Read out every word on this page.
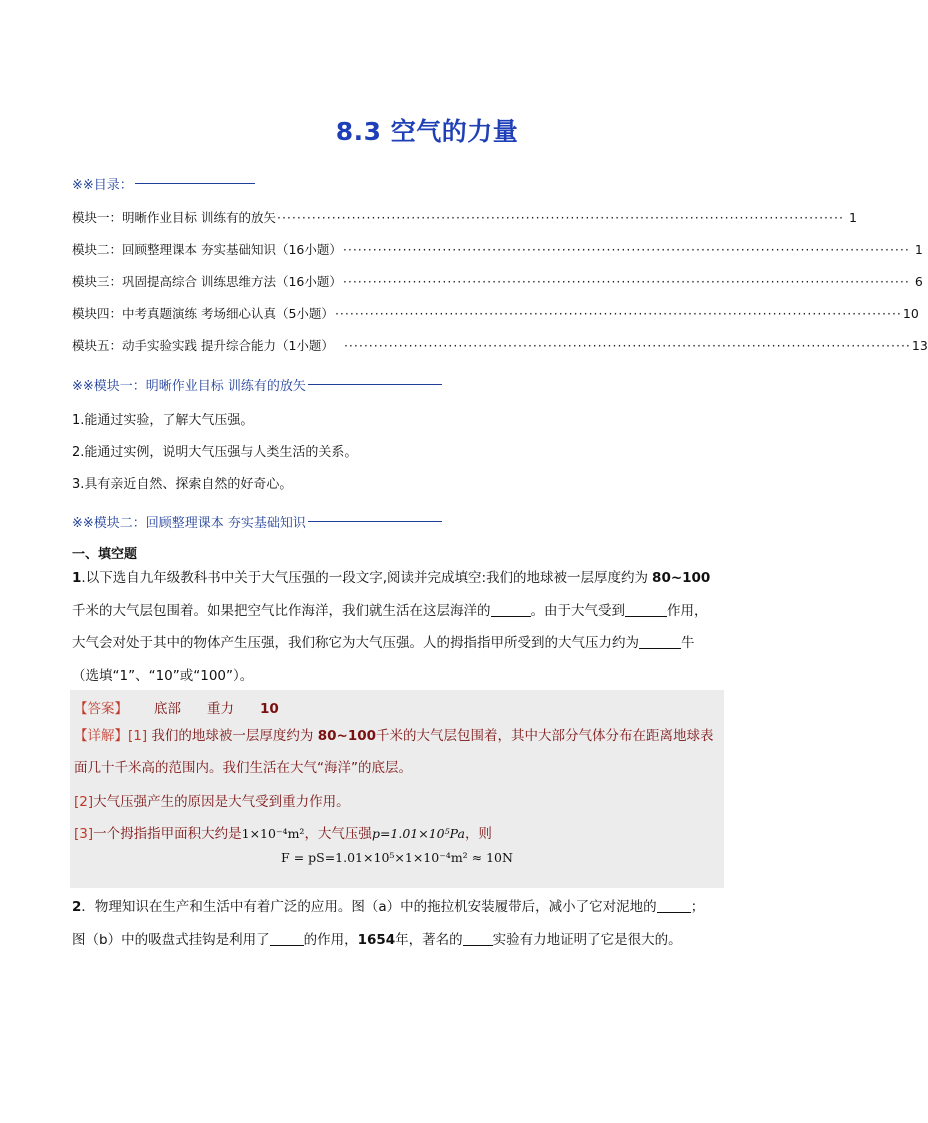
8.3 空气的力量
※※目录：
模块一：明晰作业目标 训练有的放矢 ·················································································································· 1
模块二：回顾整理课本 夯实基础知识（16小题） ·················································································································· 1
模块三：巩固提高综合 训练思维方法（16小题） ·················································································································· 6
模块四：中考真题演练 考场细心认真（5小题） ·················································································································· 10
模块五：动手实验实践 提升综合能力（1小题） ·················································································································· 13
※※模块一：明晰作业目标 训练有的放矢
1.能通过实验，了解大气压强。
2.能通过实例，说明大气压强与人类生活的关系。
3.具有亲近自然、探索自然的好奇心。
※※模块二：回顾整理课本 夯实基础知识
一、填空题
1.以下选自九年级教科书中关于大气压强的一段文字,阅读并完成填空:我们的地球被一层厚度约为 80~100
千米的大气层包围着。如果把空气比作海洋，我们就生活在这层海洋的	。由于大气受到	作用，
大气会对处于其中的物体产生压强，我们称它为大气压强。人的拇指指甲所受到的大气压力约为	牛
（选填“1”、“10”或“100”）。
【答案】 底部 重力 10
【详解】[1] 我们的地球被一层厚度约为 80~100千米的大气层包围着，其中大部分气体分布在距离地球表面几十千米高的范围内。我们生活在大气“海洋”的底层。
[2]大气压强产生的原因是大气受到重力作用。
[3]一个拇指指甲面积大约是1×10⁻⁴m²，大气压强p=1.01×10⁵Pa，则
F = pS=1.01×10⁵×1×10⁻⁴m² ≈ 10N
2．物理知识在生产和生活中有着广泛的应用。图（a）中的拖拉机安装履带后，减小了它对泥地的	；
图（b）中的吸盘式挂钩是利用了	的作用，1654年，著名的 实验有力地证明了它是很大的。
